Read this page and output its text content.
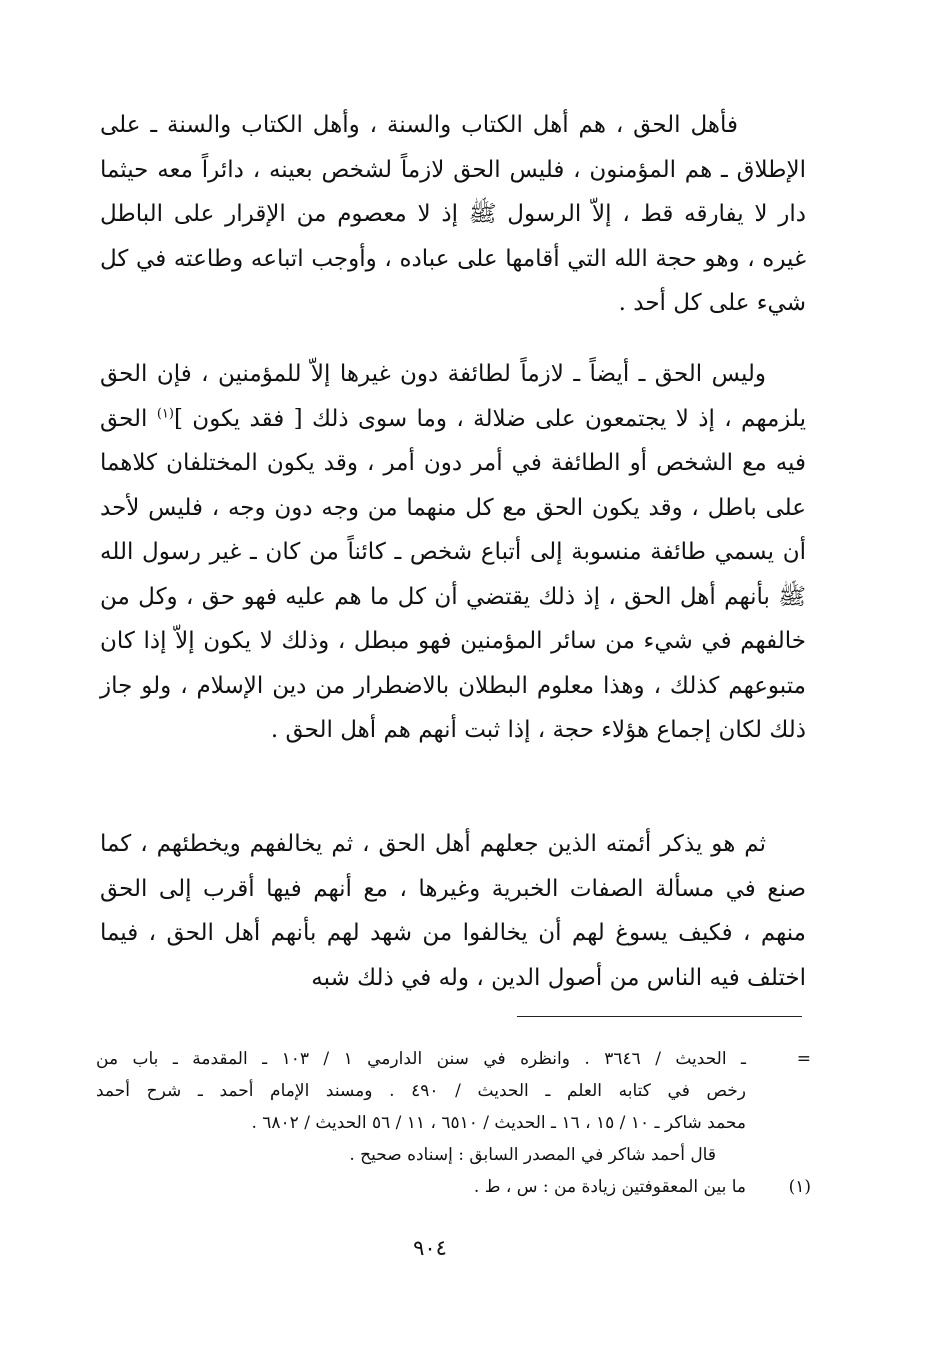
فأهل الحق ، هم أهل الكتاب والسنة ، وأهل الكتاب والسنة ـ على الإطلاق ـ هم المؤمنون ، فليس الحق لازماً لشخص بعينه ، دائراً معه حيثما دار لا يفارقه قط ، إلاّ الرسول ﷺ إذ لا معصوم من الإقرار على الباطل غيره ، وهو حجة الله التي أقامها على عباده ، وأوجب اتباعه وطاعته في كل شيء على كل أحد .

وليس الحق ـ أيضاً ـ لازماً لطائفة دون غيرها إلاّ للمؤمنين ، فإن الحق يلزمهم ، إذ لا يجتمعون على ضلالة ، وما سوى ذلك [ فقد يكون ]$^{(١)}$ الحق فيه مع الشخص أو الطائفة في أمر دون أمر ، وقد يكون المختلفان كلاهما على باطل ، وقد يكون الحق مع كل منهما من وجه دون وجه ، فليس لأحد أن يسمي طائفة منسوبة إلى أتباع شخص ـ كائناً من كان ـ غير رسول الله ﷺ بأنهم أهل الحق ، إذ ذلك يقتضي أن كل ما هم عليه فهو حق ، وكل من خالفهم في شيء من سائر المؤمنين فهو مبطل ، وذلك لا يكون إلاّ إذا كان متبوعهم كذلك ، وهذا معلوم البطلان بالاضطرار من دين الإسلام ، ولو جاز ذلك لكان إجماع هؤلاء حجة ، إذا ثبت أنهم هم أهل الحق .

ثم هو يذكر أئمته الذين جعلهم أهل الحق ، ثم يخالفهم ويخطئهم ، كما صنع في مسألة الصفات الخبرية وغيرها ، مع أنهم فيها أقرب إلى الحق منهم ، فكيف يسوغ لهم أن يخالفوا من شهد لهم بأنهم أهل الحق ، فيما اختلف فيه الناس من أصول الدين ، وله في ذلك شبه

=
ـ الحديث / ٣٦٤٦ . وانظره في سنن الدارمي ١ / ١٠٣ ـ المقدمة ـ باب من
رخص في كتابه العلم ـ الحديث / ٤٩٠ . ومسند الإمام أحمد ـ شرح أحمد
محمد شاكر ـ ١٠ / ١٥ ، ١٦ ـ الحديث / ٦٥١٠ ، ١١ / ٥٦ الحديث / ٦٨٠٢ .
قال أحمد شاكر في المصدر السابق : إسناده صحيح .
(١)
ما بين المعقوفتين زيادة من : س ، ط .
٩٠٤
